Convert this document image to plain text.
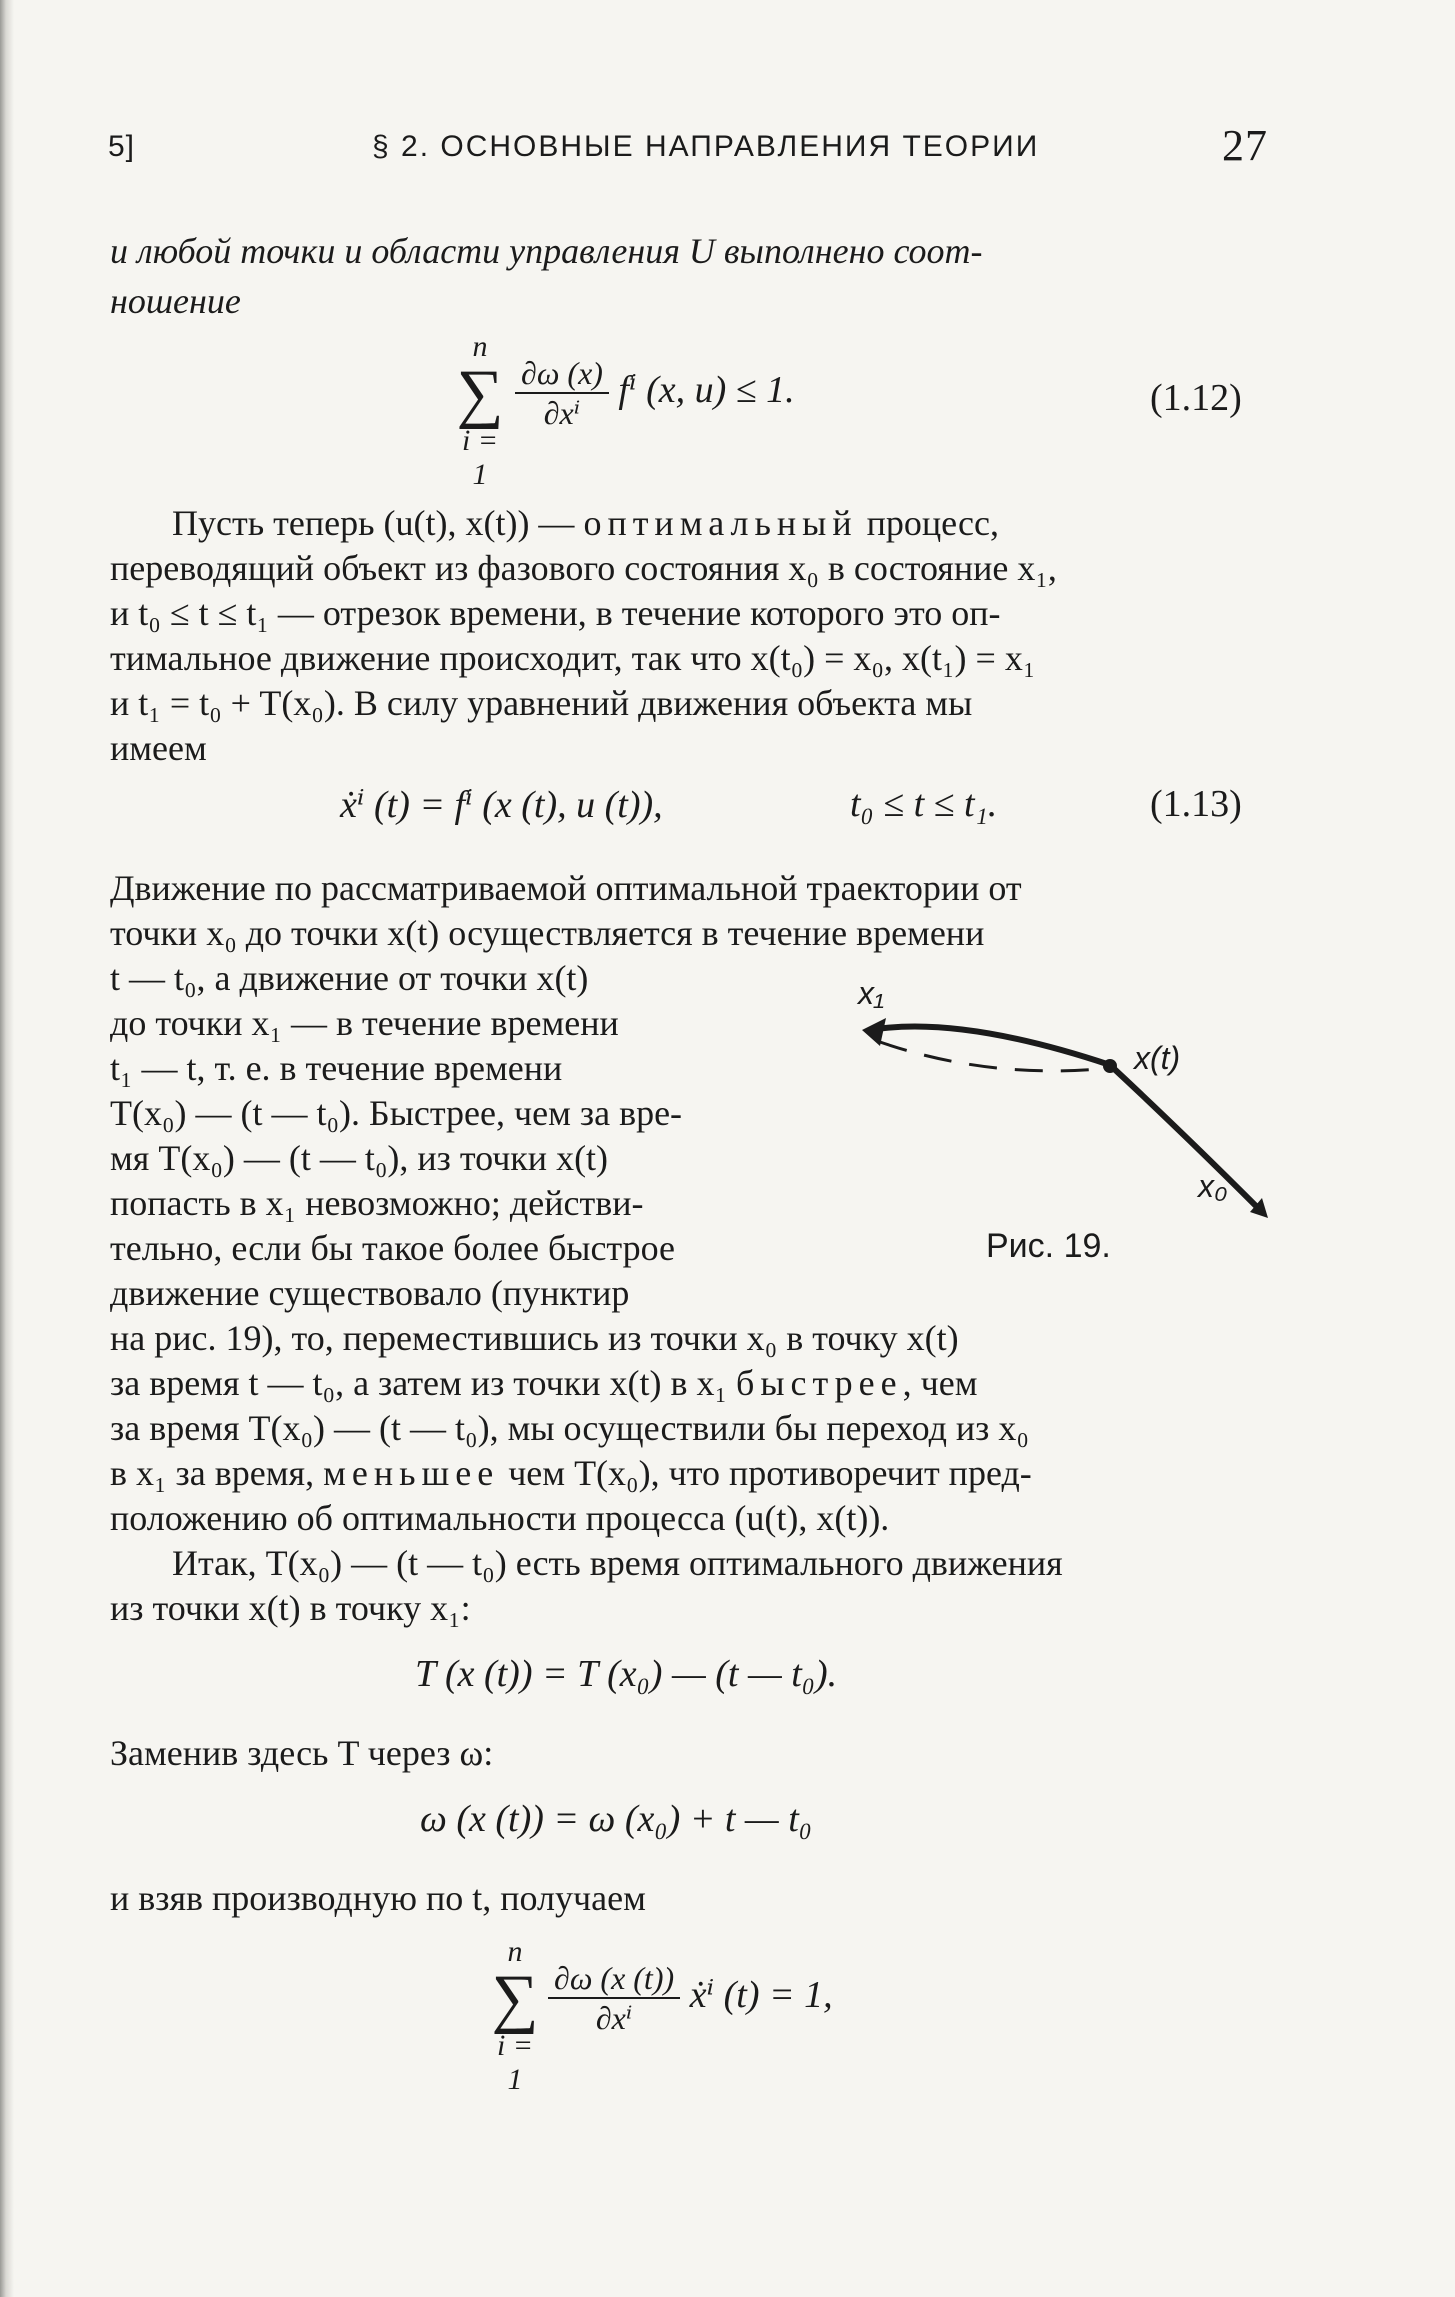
5]	§ 2. ОСНОВНЫЕ НАПРАВЛЕНИЯ ТЕОРИИ	27
и любой точки и области управления U выполнено соот-
ношение
n
∑
i = 1
$\frac{\partial\omega (x)}{\text{∂xⁱ}}$ fⁱ (x, u) ≤ 1.	(1.12)
Пусть теперь (u(t), x(t)) — оптимальный процесс,
переводящий объект из фазового состояния x₀ в состояние x₁,
и t₀ ≤ t ≤ t₁ — отрезок времени, в течение которого это оп-
тимальное движение происходит, так что x(t₀) = x₀, x(t₁) = x₁
и t₁ = t₀ + T(x₀). В силу уравнений движения объекта мы
имеем
ẋⁱ (t) = fⁱ (x (t), u (t)),	t₀ ≤ t ≤ t₁.	(1.13)
Движение по рассматриваемой оптимальной траектории от
точки x₀ до точки x(t) осуществляется в течение времени
t — t₀, а движение от точки x(t)
до точки x₁ — в течение времени
t₁ — t, т. е. в течение времени
T(x₀) — (t — t₀). Быстрее, чем за вре-
мя T(x₀) — (t — t₀), из точки x(t)
попасть в x₁ невозможно; действи-
тельно, если бы такое более быстрое
движение существовало (пунктир
на рис. 19), то, переместившись из точки x₀ в точку x(t)
за время t — t₀, а затем из точки x(t) в x₁ быстрее, чем
за время T(x₀) — (t — t₀), мы осуществили бы переход из x₀
в x₁ за время, меньшее чем T(x₀), что противоречит пред-
положению об оптимальности процесса (u(t), x(t)).
x₁
x(t)
x₀
Рис. 19.
Итак, T(x₀) — (t — t₀) есть время оптимального движения
из точки x(t) в точку x₁:
T (x (t)) = T (x₀) — (t — t₀).
Заменив здесь T через ω:
ω (x (t)) = ω (x₀) + t — t₀
и взяв производную по t, получаем
n
∑
i = 1
$\frac{\partial\omega (x (t))}{\text{∂xⁱ}}$ ẋⁱ (t) = 1,
